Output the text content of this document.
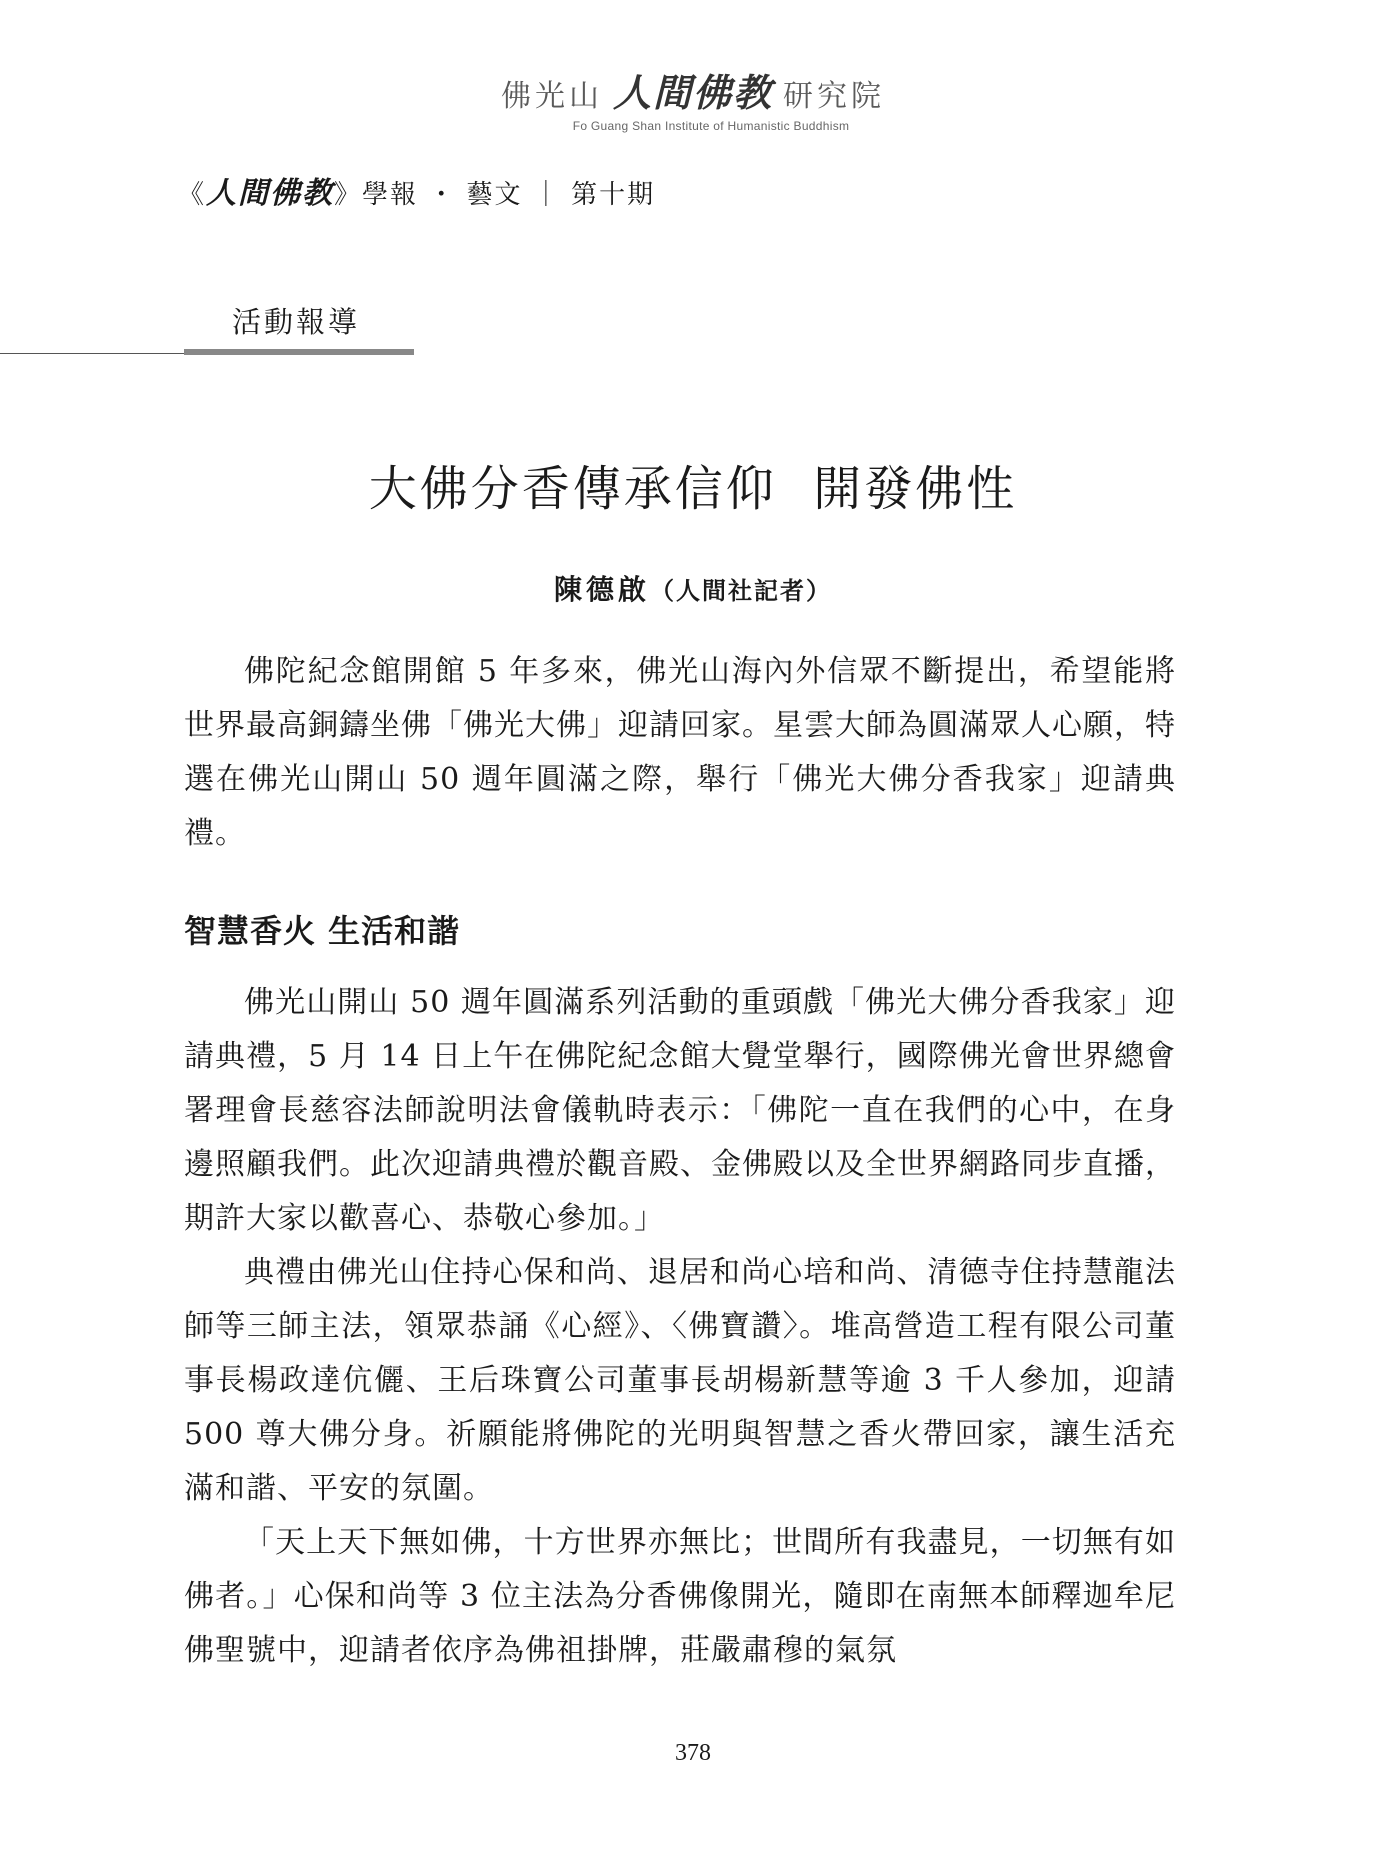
佛光山 人間佛教 研究院
Fo Guang Shan Institute of Humanistic Buddhism
《 人間佛教 》 學報 ・ 藝文 ｜ 第十期
活動報導
大佛分香傳承信仰  開發佛性
陳德啟（人間社記者）

佛陀紀念館開館 5 年多來，佛光山海內外信眾不斷提出，希望能將世界最高銅鑄坐佛「佛光大佛」迎請回家。星雲大師為圓滿眾人心願，特選在佛光山開山 50 週年圓滿之際，舉行「佛光大佛分香我家」迎請典禮。

智慧香火 生活和諧

佛光山開山 50 週年圓滿系列活動的重頭戲「佛光大佛分香我家」迎請典禮，5 月 14 日上午在佛陀紀念館大覺堂舉行，國際佛光會世界總會署理會長慈容法師說明法會儀軌時表示：「佛陀一直在我們的心中，在身邊照顧我們。此次迎請典禮於觀音殿、金佛殿以及全世界網路同步直播，期許大家以歡喜心、恭敬心參加。」

典禮由佛光山住持心保和尚、退居和尚心培和尚、清德寺住持慧龍法師等三師主法，領眾恭誦《心經》、〈佛寶讚〉。堆高營造工程有限公司董事長楊政達伉儷、王后珠寶公司董事長胡楊新慧等逾 3 千人參加，迎請 500 尊大佛分身。祈願能將佛陀的光明與智慧之香火帶回家，讓生活充滿和諧、平安的氛圍。

「天上天下無如佛，十方世界亦無比；世間所有我盡見，一切無有如佛者。」心保和尚等 3 位主法為分香佛像開光，隨即在南無本師釋迦牟尼佛聖號中，迎請者依序為佛祖掛牌，莊嚴肅穆的氣氛

378
